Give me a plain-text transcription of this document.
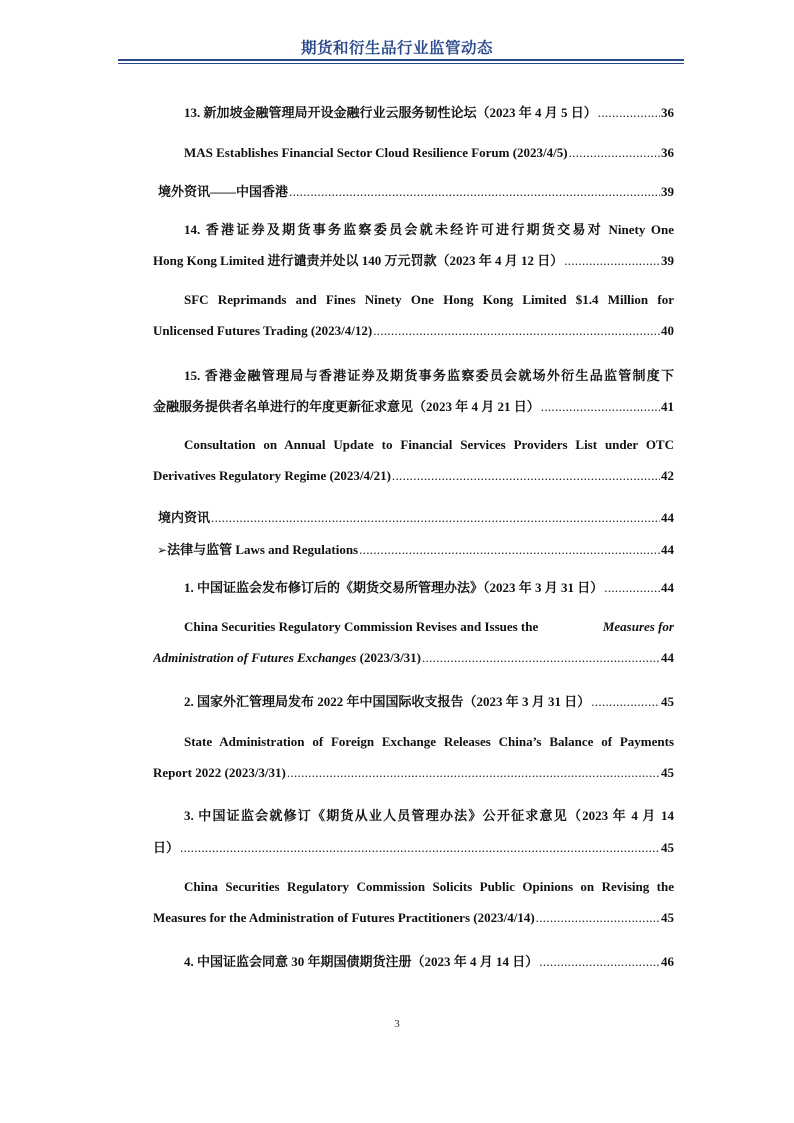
期货和衍生品行业监管动态
13. 新加坡金融管理局开设金融行业云服务韧性论坛（2023 年 4 月 5 日） .....	36
MAS Establishes Financial Sector Cloud Resilience Forum (2023/4/5) .....	36
境外资讯——中国香港 .....	39
14. 香港证券及期货事务监察委员会就未经许可进行期货交易对 Ninety One
Hong Kong Limited 进行谴责并处以 140 万元罚款（2023 年 4 月 12 日） .....	39
SFC Reprimands and Fines Ninety One Hong Kong Limited $1.4 Million for
Unlicensed Futures Trading (2023/4/12) .....	40
15. 香港金融管理局与香港证券及期货事务监察委员会就场外衍生品监管制度下
金融服务提供者名单进行的年度更新征求意见（2023 年 4 月 21 日） .....	41
Consultation on Annual Update to Financial Services Providers List under OTC
Derivatives Regulatory Regime (2023/4/21) .....	42
境内资讯 .....	44
➢ 法律与监管 Laws and Regulations .....	44
1. 中国证监会发布修订后的《期货交易所管理办法》（2023 年 3 月 31 日） .....	44
China Securities Regulatory Commission Revises and Issues the	Measures for
Administration of Futures Exchanges (2023/3/31) .....	44
2. 国家外汇管理局发布 2022 年中国国际收支报告（2023 年 3 月 31 日） .....	45
State Administration of Foreign Exchange Releases China’s Balance of Payments
Report 2022 (2023/3/31) .....	45
3. 中国证监会就修订《期货从业人员管理办法》公开征求意见（2023 年 4 月 14
日） .....	45
China Securities Regulatory Commission Solicits Public Opinions on Revising the
Measures for the Administration of Futures Practitioners (2023/4/14) .....	45
4. 中国证监会同意 30 年期国债期货注册（2023 年 4 月 14 日） .....	46
3
